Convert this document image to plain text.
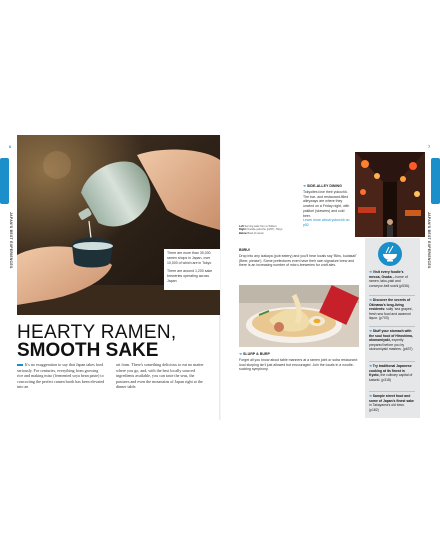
6	7
JAPAN'S BEST EXPERIENCES	JAPAN'S BEST EXPERIENCES

There are more than 30,000 ramen shops in Japan, over 10,000 of which are in Tokyo

There are around 1,200 sake breweries operating across Japan

HEARTY RAMEN,
SMOOTH SAKE
It's no exaggeration to say that Japan takes food seriously. For centuries, everything from growing rice and making miso (fermented soya bean paste) to concocting the perfect ramen broth has been elevated into an
art form. There's something delicious to eat no matter where you go, and, with the best locally sourced ingredients available, you can taste the seas, the pastures and even the mountains of Japan right at the dinner table.
Left Serving sake from a Tokkuri
Right Omoide-yokocho (p257), Tokyo
Below Bowl of ramen
➔SIDE-ALLEY DINING
Tokyoites love their yokochō. The bar- and restaurant-filled alleyways are where they unwind on a Friday night, with yakitori (skewers) and cold beer.
Learn more about yokochō on p52
BIIRU!
Drop into any izakaya (pub eatery) and you'll hear locals say 'Biiru, kudasai!' (Beer, please'). Some prefectures even have their own signature brew and there is an increasing number of micro-breweries for craft ales.
➔SLURP & BURP
Forget all you know about table manners at a ramen joint or soba restaurant: loud slurping isn't just allowed but encouraged. Join the locals in a noodle-sucking symphony.
➔ Visit every foodie's mecca, Osaka – home of ramen, tako-yaki and conveyor-belt sushi (p536).
➔ Discover the secrets of Okinawa's long-living residents: salty 'sea grapes', fresh sea food and awamori liquor. (p703)
➔ Stuff your stomach with the soul food of Hiroshima, okonomiyaki, expertly prepared before you by okonomiyaki masters. (p637)
➔ Try traditional Japanese cooking at its finest in Kyoto, the culinary capital of kaiseki. (p318)
➔ Sample street food and some of Japan's finest sake in Takayama's old town. (p182)
